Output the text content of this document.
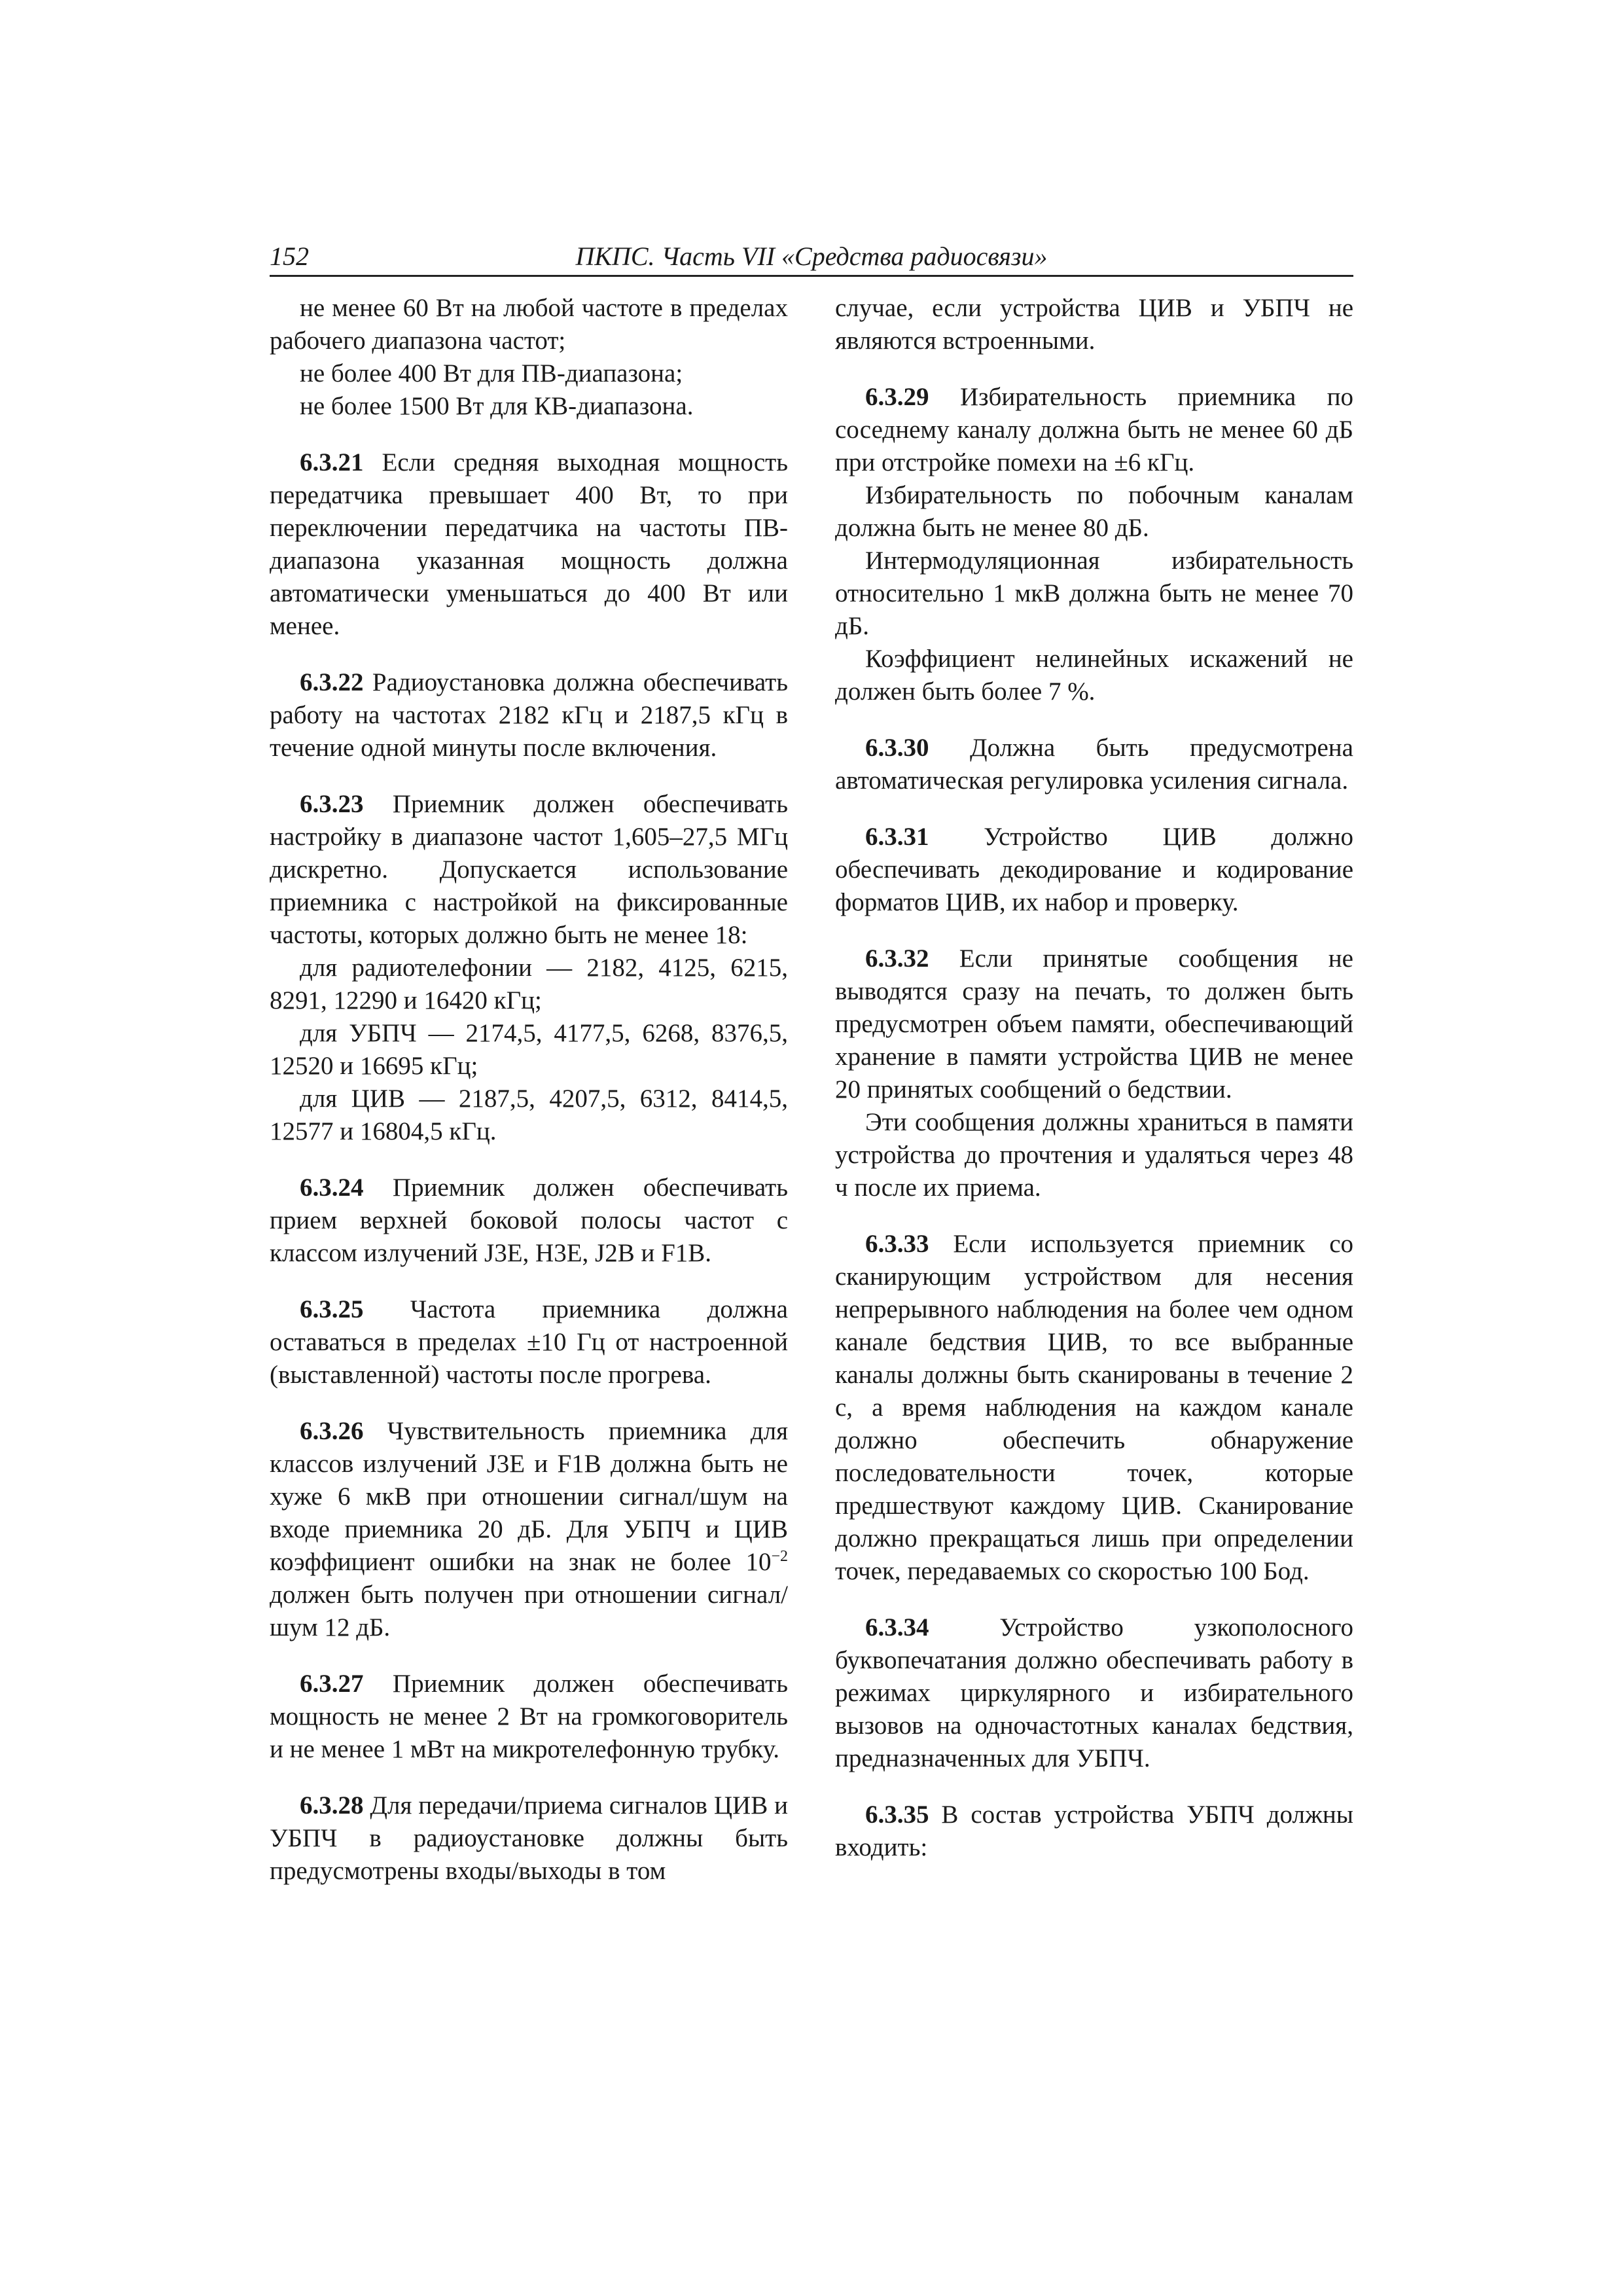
152	ПКПС. Часть VII «Средства радиосвязи»

не менее 60 Вт на любой частоте в пределах рабочего диапазона частот;

не более 400 Вт для ПВ-диапазона;

не более 1500 Вт для КВ-диапазона.

6.3.21 Если средняя выходная мощность передатчика превышает 400 Вт, то при переключении передатчика на частоты ПВ-диапазона указанная мощность должна автоматически уменьшаться до 400 Вт или менее.

6.3.22 Радиоустановка должна обеспечивать работу на частотах 2182 кГц и 2187,5 кГц в течение одной минуты после включения.

6.3.23 Приемник должен обеспечивать настройку в диапазоне частот 1,605–27,5 МГц дискретно. Допускается использование приемника с настройкой на фиксированные частоты, которых должно быть не менее 18:

для радиотелефонии — 2182, 4125, 6215, 8291, 12290 и 16420 кГц;

для УБПЧ — 2174,5, 4177,5, 6268, 8376,5, 12520 и 16695 кГц;

для ЦИВ — 2187,5, 4207,5, 6312, 8414,5, 12577 и 16804,5 кГц.

6.3.24 Приемник должен обеспечивать прием верхней боковой полосы частот с классом излучений J3E, H3E, J2B и F1B.

6.3.25 Частота приемника должна оставаться в пределах ±10 Гц от настроенной (выставленной) частоты после прогрева.

6.3.26 Чувствительность приемника для классов излучений J3E и F1B должна быть не хуже 6 мкВ при отношении сигнал/шум на входе приемника 20 дБ. Для УБПЧ и ЦИВ коэффициент ошибки на знак не более $10^{-2}$ должен быть получен при отношении сигнал/шум 12 дБ.

6.3.27 Приемник должен обеспечивать мощность не менее 2 Вт на громкоговоритель и не менее 1 мВт на микротелефонную трубку.

6.3.28 Для передачи/приема сигналов ЦИВ и УБПЧ в радиоустановке должны быть предусмотрены входы/выходы в том

случае, если устройства ЦИВ и УБПЧ не являются встроенными.

6.3.29 Избирательность приемника по соседнему каналу должна быть не менее 60 дБ при отстройке помехи на ±6 кГц.

Избирательность по побочным каналам должна быть не менее 80 дБ.

Интермодуляционная избирательность относительно 1 мкВ должна быть не менее 70 дБ.

Коэффициент нелинейных искажений не должен быть более 7 %.

6.3.30 Должна быть предусмотрена автоматическая регулировка усиления сигнала.

6.3.31 Устройство ЦИВ должно обеспечивать декодирование и кодирование форматов ЦИВ, их набор и проверку.

6.3.32 Если принятые сообщения не выводятся сразу на печать, то должен быть предусмотрен объем памяти, обеспечивающий хранение в памяти устройства ЦИВ не менее 20 принятых сообщений о бедствии.

Эти сообщения должны храниться в памяти устройства до прочтения и удаляться через 48 ч после их приема.

6.3.33 Если используется приемник со сканирующим устройством для несения непрерывного наблюдения на более чем одном канале бедствия ЦИВ, то все выбранные каналы должны быть сканированы в течение 2 с, а время наблюдения на каждом канале должно обеспечить обнаружение последовательности точек, которые предшествуют каждому ЦИВ. Сканирование должно прекращаться лишь при определении точек, передаваемых со скоростью 100 Бод.

6.3.34	Устройство узкополосного буквопечатания должно обеспечивать работу в режимах циркулярного и избирательного вызовов на одночастотных каналах бедствия, предназначенных для УБПЧ.

6.3.35 В состав устройства УБПЧ должны входить:
